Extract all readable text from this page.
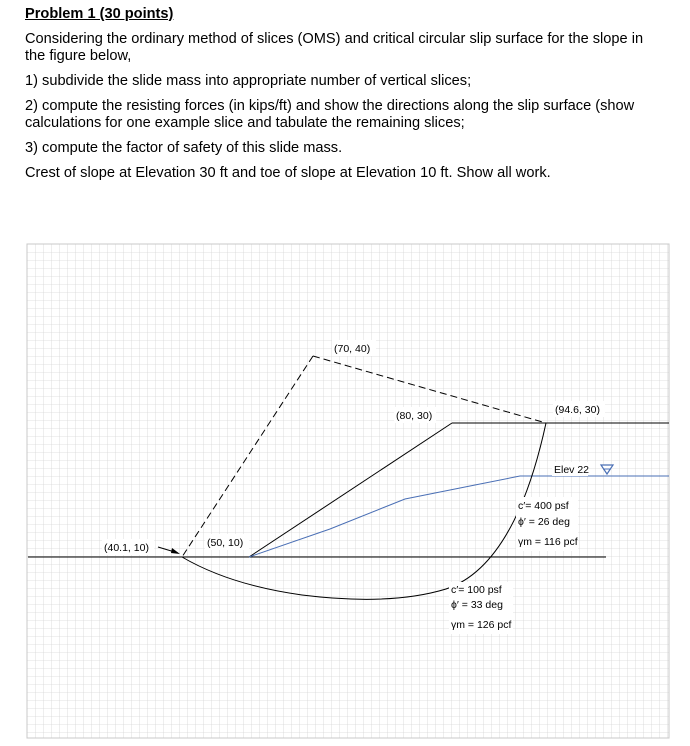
Problem 1 (30 points)

Considering the ordinary method of slices (OMS) and critical circular slip surface for the slope in the figure below,

1) subdivide the slide mass into appropriate number of vertical slices;

2) compute the resisting forces (in kips/ft) and show the directions along the slip surface (show calculations for one example slice and tabulate the remaining slices;

3) compute the factor of safety of this slide mass.

Crest of slope at Elevation 30 ft and toe of slope at Elevation 10 ft. Show all work.

(70, 40)
(80, 30)	(94.6, 30)
(40.1, 10)	(50, 10)
Elev 22
c′= 400 psf
ϕ′ = 26 deg
γm = 116 pcf
c′= 100 psf
ϕ′ = 33 deg
γm = 126 pcf
